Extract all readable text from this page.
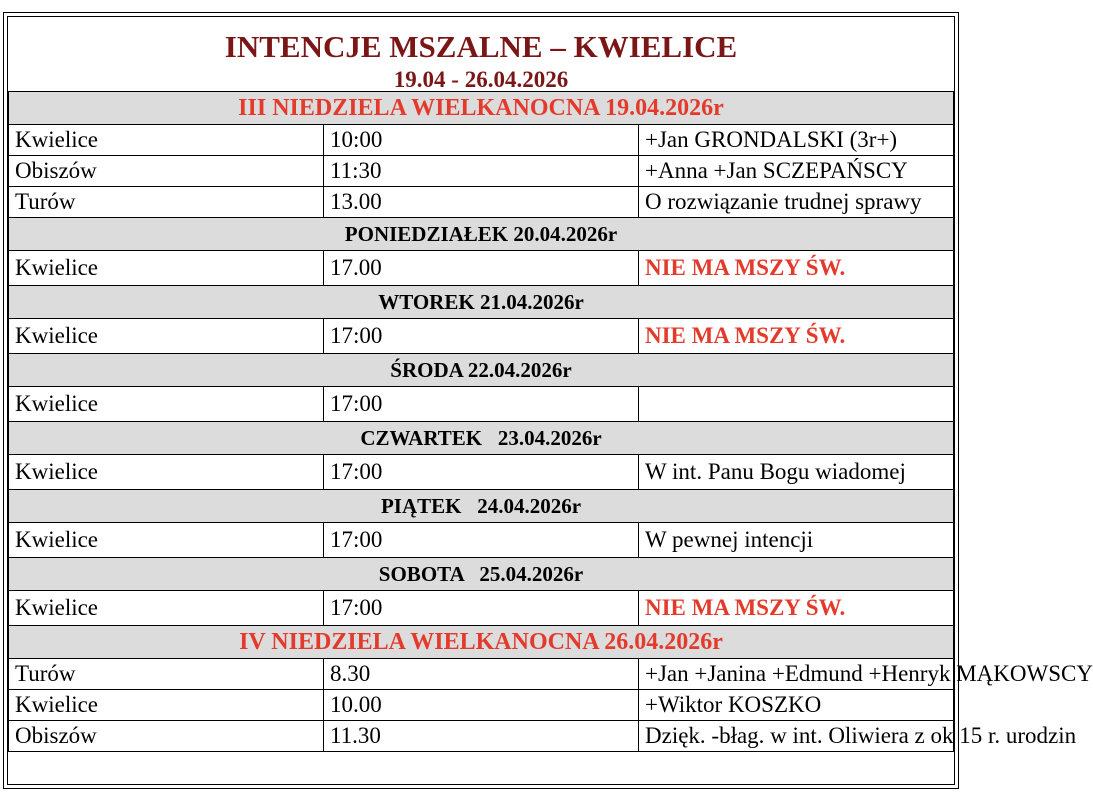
INTENCJE MSZALNE – KWIELICE
19.04 - 26.04.2026		

III NIEDZIELA WIELKANOCNA 19.04.2026r		
Kwielice	10:00	+Jan GRONDALSKI (3r+)
Obiszów	11:30	+Anna +Jan SCZEPAŃSCY
Turów	13.00	O rozwiązanie trudnej sprawy
PONIEDZIAŁEK 20.04.2026r		
Kwielice	17.00	NIE MA MSZY ŚW.
WTOREK 21.04.2026r		
Kwielice	17:00	NIE MA MSZY ŚW.
ŚRODA 22.04.2026r		
Kwielice	17:00	
CZWARTEK   23.04.2026r		
Kwielice	17:00	W int. Panu Bogu wiadomej
PIĄTEK   24.04.2026r		
Kwielice	17:00	W pewnej intencji
SOBOTA   25.04.2026r		
Kwielice	17:00	NIE MA MSZY ŚW.
IV NIEDZIELA WIELKANOCNA 26.04.2026r		
Turów	8.30	+Jan +Janina +Edmund +Henryk MĄKOWSCY
Kwielice	10.00	+Wiktor KOSZKO
Obiszów	11.30	Dzięk. -błag. w int. Oliwiera z ok 15 r. urodzin
